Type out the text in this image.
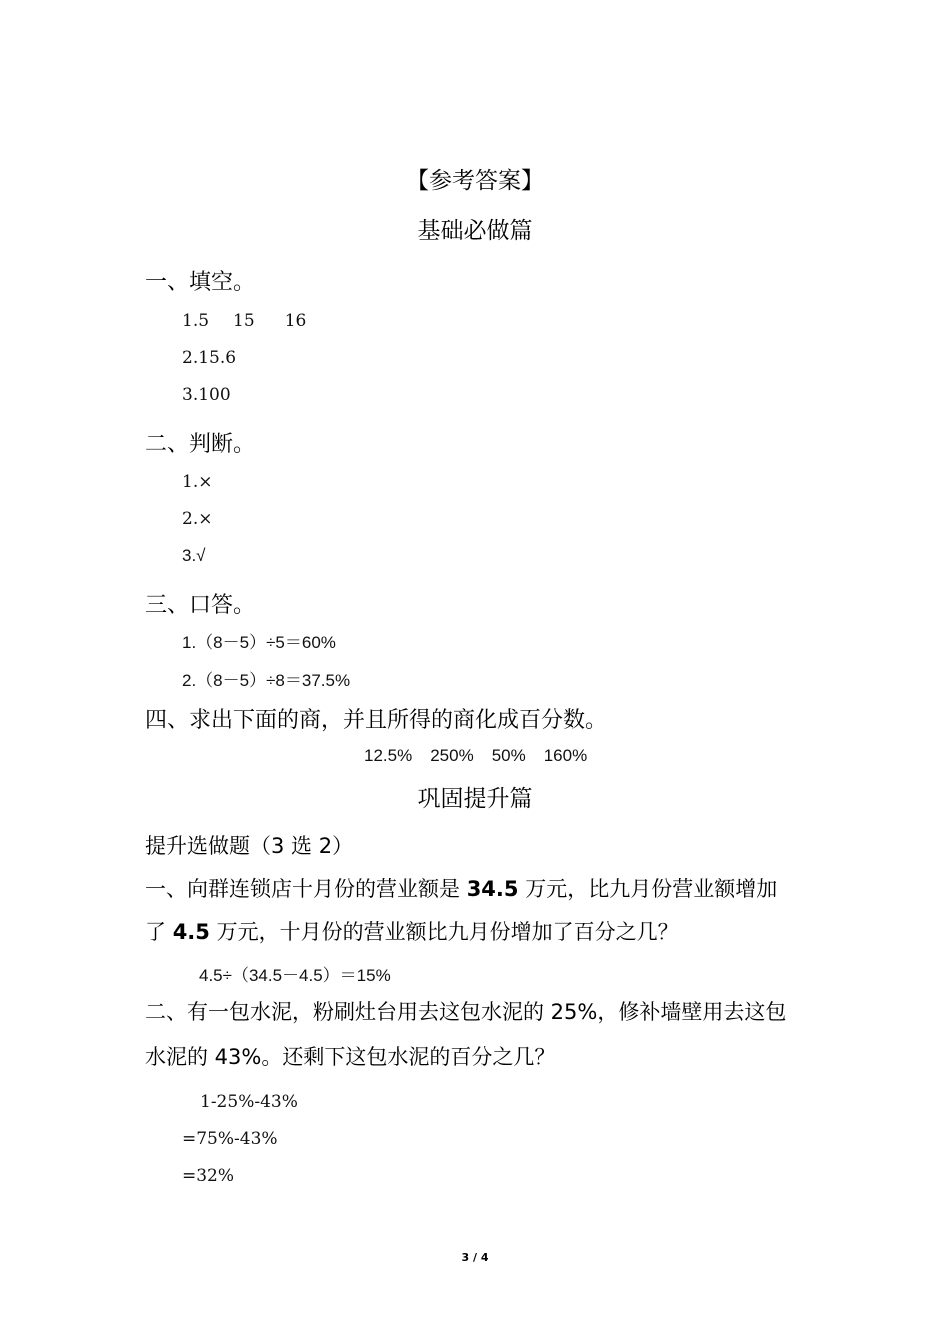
【参考答案】
基础必做篇
一、填空。
1.5 15 16
2.15.6
3.100
二、判断。
1.×
2.×
3.√
三、口答。
1.（8－5）÷5＝60%
2.（8－5）÷8＝37.5%
四、求出下面的商，并且所得的商化成百分数。
12.5% 250% 50% 160%
巩固提升篇
提升选做题（3 选 2）
一、向群连锁店十月份的营业额是 34.5 万元，比九月份营业额增加
了 4.5 万元，十月份的营业额比九月份增加了百分之几？
4.5÷（34.5－4.5）＝15%
二、有一包水泥，粉刷灶台用去这包水泥的 25%，修补墙壁用去这包
水泥的 43%。还剩下这包水泥的百分之几？
1-25%-43%
=75%-43%
=32%
3 / 4
